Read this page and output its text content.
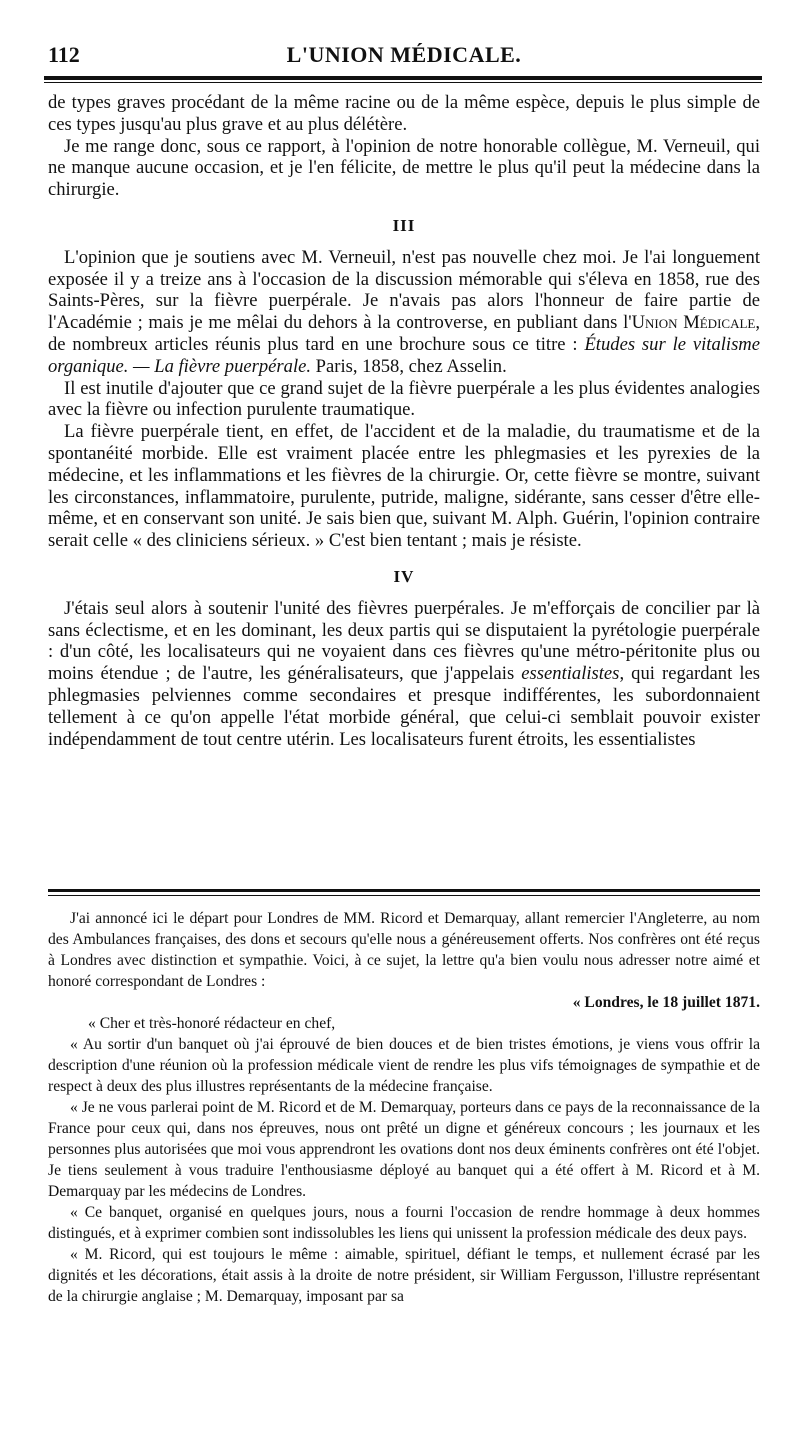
112	L'UNION MÉDICALE.

de types graves procédant de la même racine ou de la même espèce, depuis le plus simple de ces types jusqu'au plus grave et au plus délétère.

Je me range donc, sous ce rapport, à l'opinion de notre honorable collègue, M. Verneuil, qui ne manque aucune occasion, et je l'en félicite, de mettre le plus qu'il peut la médecine dans la chirurgie.

III

L'opinion que je soutiens avec M. Verneuil, n'est pas nouvelle chez moi. Je l'ai longuement exposée il y a treize ans à l'occasion de la discussion mémorable qui s'éleva en 1858, rue des Saints-Pères, sur la fièvre puerpérale. Je n'avais pas alors l'honneur de faire partie de l'Académie ; mais je me mêlai du dehors à la controverse, en publiant dans l'Union Médicale, de nombreux articles réunis plus tard en une brochure sous ce titre : Études sur le vitalisme organique. — La fièvre puerpérale. Paris, 1858, chez Asselin.

Il est inutile d'ajouter que ce grand sujet de la fièvre puerpérale a les plus évidentes analogies avec la fièvre ou infection purulente traumatique.

La fièvre puerpérale tient, en effet, de l'accident et de la maladie, du traumatisme et de la spontanéité morbide. Elle est vraiment placée entre les phlegmasies et les pyrexies de la médecine, et les inflammations et les fièvres de la chirurgie. Or, cette fièvre se montre, suivant les circonstances, inflammatoire, purulente, putride, maligne, sidérante, sans cesser d'être elle-même, et en conservant son unité. Je sais bien que, suivant M. Alph. Guérin, l'opinion contraire serait celle « des cliniciens sérieux. » C'est bien tentant ; mais je résiste.

IV

J'étais seul alors à soutenir l'unité des fièvres puerpérales. Je m'efforçais de concilier par là sans éclectisme, et en les dominant, les deux partis qui se disputaient la pyrétologie puerpérale : d'un côté, les localisateurs qui ne voyaient dans ces fièvres qu'une métro-péritonite plus ou moins étendue ; de l'autre, les généralisateurs, que j'appelais essentialistes, qui regardant les phlegmasies pelviennes comme secondaires et presque indifférentes, les subordonnaient tellement à ce qu'on appelle l'état morbide général, que celui-ci semblait pouvoir exister indépendamment de tout centre utérin. Les localisateurs furent étroits, les essentialistes

J'ai annoncé ici le départ pour Londres de MM. Ricord et Demarquay, allant remercier l'Angleterre, au nom des Ambulances françaises, des dons et secours qu'elle nous a généreusement offerts. Nos confrères ont été reçus à Londres avec distinction et sympathie. Voici, à ce sujet, la lettre qu'a bien voulu nous adresser notre aimé et honoré correspondant de Londres :

« Londres, le 18 juillet 1871.

« Cher et très-honoré rédacteur en chef,

« Au sortir d'un banquet où j'ai éprouvé de bien douces et de bien tristes émotions, je viens vous offrir la description d'une réunion où la profession médicale vient de rendre les plus vifs témoignages de sympathie et de respect à deux des plus illustres représentants de la médecine française.

« Je ne vous parlerai point de M. Ricord et de M. Demarquay, porteurs dans ce pays de la reconnaissance de la France pour ceux qui, dans nos épreuves, nous ont prêté un digne et généreux concours ; les journaux et les personnes plus autorisées que moi vous apprendront les ovations dont nos deux éminents confrères ont été l'objet. Je tiens seulement à vous traduire l'enthousiasme déployé au banquet qui a été offert à M. Ricord et à M. Demarquay par les médecins de Londres.

« Ce banquet, organisé en quelques jours, nous a fourni l'occasion de rendre hommage à deux hommes distingués, et à exprimer combien sont indissolubles les liens qui unissent la profession médicale des deux pays.

« M. Ricord, qui est toujours le même : aimable, spirituel, défiant le temps, et nullement écrasé par les dignités et les décorations, était assis à la droite de notre président, sir William Fergusson, l'illustre représentant de la chirurgie anglaise ; M. Demarquay, imposant par sa
